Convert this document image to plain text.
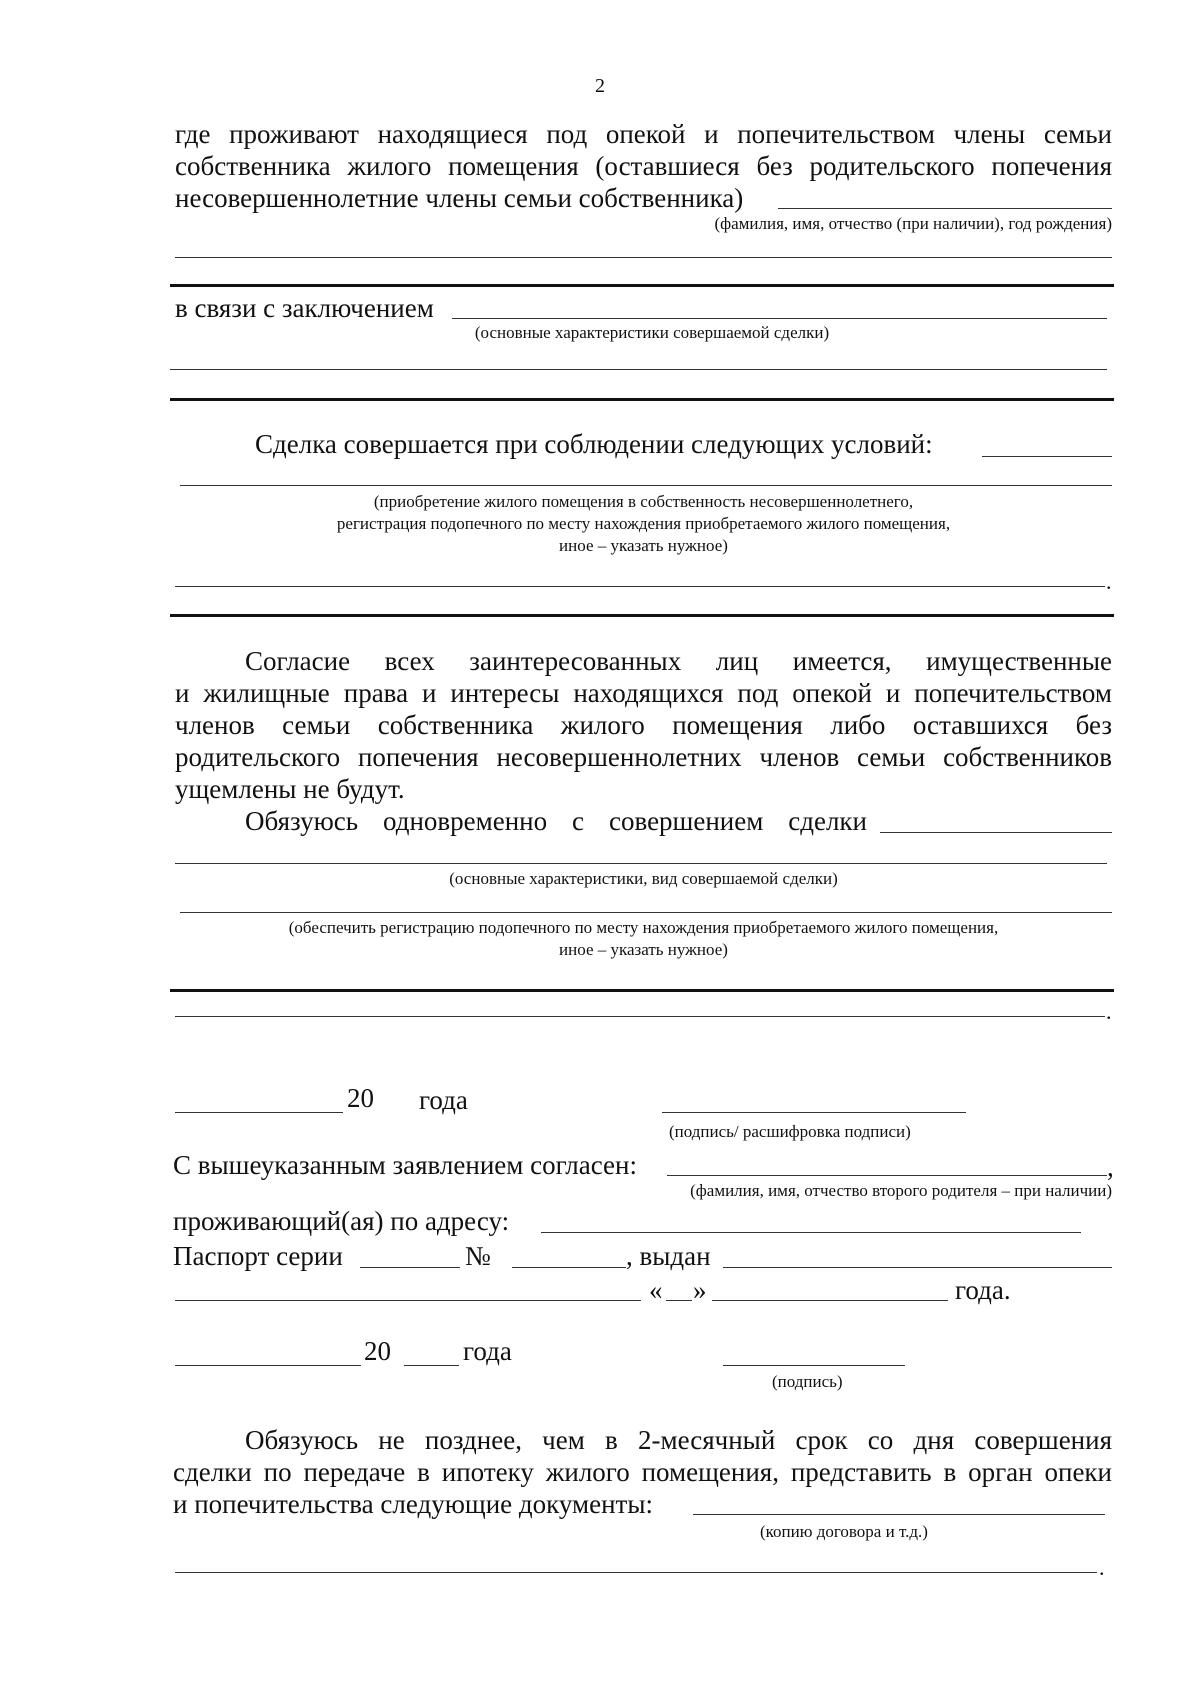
2
где проживают находящиеся под опекой и попечительством члены семьи
собственника жилого помещения (оставшиеся без родительского попечения
несовершеннолетние члены семьи собственника)
(фамилия, имя, отчество (при наличии), год рождения)
в связи с заключением
(основные характеристики совершаемой сделки)
Сделка совершается при соблюдении следующих условий:
(приобретение жилого помещения в собственность несовершеннолетнего,
регистрация подопечного по месту нахождения приобретаемого жилого помещения,
иное – указать нужное)
.
Согласие всех заинтересованных лиц имеется, имущественные
и жилищные права и интересы находящихся под опекой и попечительством
членов семьи собственника жилого помещения либо оставшихся без
родительского попечения несовершеннолетних членов семьи собственников
ущемлены не будут.
Обязуюсь одновременно с совершением сделки
(основные характеристики, вид совершаемой сделки)
(обеспечить регистрацию подопечного по месту нахождения приобретаемого жилого помещения,
иное – указать нужное)
.
20 года
(подпись/ расшифровка подписи)
С вышеуказанным заявлением согласен:	,
(фамилия, имя, отчество второго родителя – при наличии)
проживающий(ая) по адресу:
Паспорт серии	№	, выдан
« »	года.
20	года
(подпись)
Обязуюсь не позднее, чем в 2-месячный срок со дня совершения
сделки по передаче в ипотеку жилого помещения, представить в орган опеки
и попечительства следующие документы:
(копию договора и т.д.)
.
